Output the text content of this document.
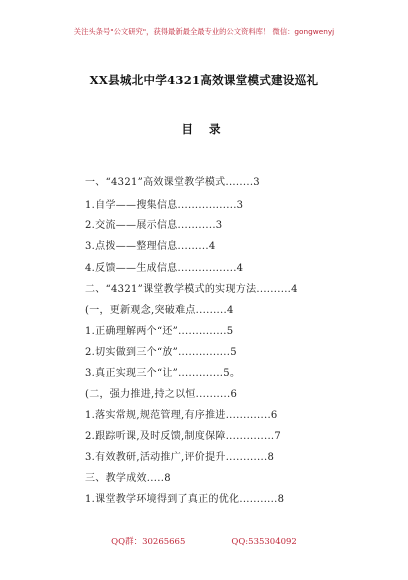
关注头条号"公文研究"，获得最新最全最专业的公文资料库！ 微信：gongwenyj
XX县城北中学4321高效课堂模式建设巡礼
目 录
一、“4321”高效课堂教学模式........3
1.自学——搜集信息.................3
2.交流——展示信息...........3
3.点拨——整理信息.........4
4.反馈——生成信息.................4
二、“4321”课堂教学模式的实现方法..........4
(一，更新观念,突破难点.........4
1.正确理解两个“还”..............5
2.切实做到三个“放”...............5
3.真正实现三个“让”.............5。
(二，强力推进,持之以恒..........6
1.落实常规,规范管理,有序推进.............6
2.跟踪听课,及时反馈,制度保障..............7
3.有效教研,活动推广,评价提升............8
三、教学成效.....8
1.课堂教学环境得到了真正的优化...........8
QQ群：30265665	QQ:535304092
